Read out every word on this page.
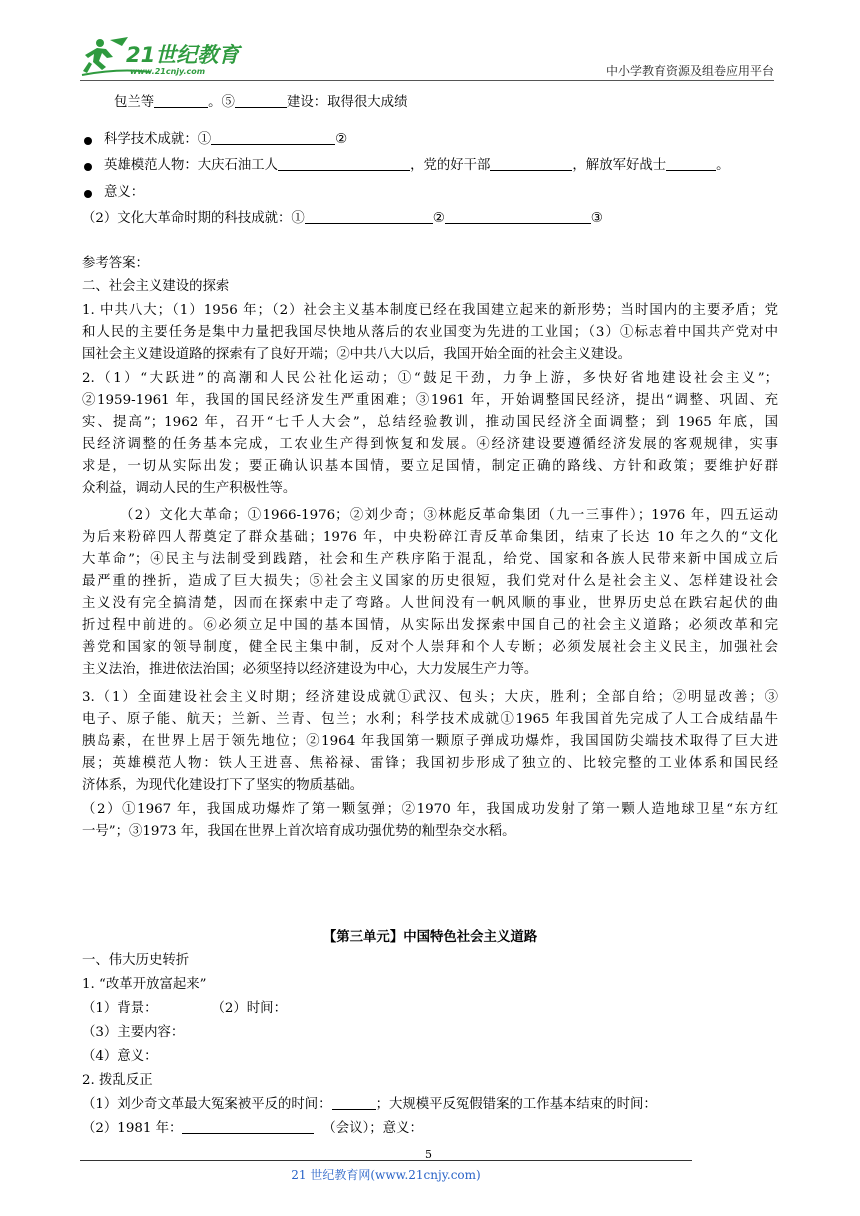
21世纪教育
www.21cnjy.com	中小学教育资源及组卷应用平台
包兰等	。⑤	建设：取得很大成绩
科学技术成就：①	②
英雄模范人物：大庆石油工人	，党的好干部	，解放军好战士	。
意义：
（2）文化大革命时期的科技成就：①	②	③
参考答案：
二、社会主义建设的探索
1. 中共八大；（1）1956 年；（2）社会主义基本制度已经在我国建立起来的新形势；当时国内的主要矛盾；党
和人民的主要任务是集中力量把我国尽快地从落后的农业国变为先进的工业国；（3）①标志着中国共产党对中
国社会主义建设道路的探索有了良好开端；②中共八大以后，我国开始全面的社会主义建设。
2.（1）“大跃进”的高潮和人民公社化运动；①“鼓足干劲，力争上游，多快好省地建设社会主义”；
②1959-1961 年，我国的国民经济发生严重困难；③1961 年，开始调整国民经济，提出“调整、巩固、充
实、提高”；1962 年，召开“七千人大会”，总结经验教训，推动国民经济全面调整；到 1965 年底，国
民经济调整的任务基本完成，工农业生产得到恢复和发展。④经济建设要遵循经济发展的客观规律，实事
求是，一切从实际出发；要正确认识基本国情，要立足国情，制定正确的路线、方针和政策；要维护好群
众利益，调动人民的生产积极性等。
（2）文化大革命；①1966-1976；②刘少奇；③林彪反革命集团（九一三事件）；1976 年，四五运动
为后来粉碎四人帮奠定了群众基础；1976 年，中央粉碎江青反革命集团，结束了长达 10 年之久的“文化
大革命”；④民主与法制受到践踏，社会和生产秩序陷于混乱，给党、国家和各族人民带来新中国成立后
最严重的挫折，造成了巨大损失；⑤社会主义国家的历史很短，我们党对什么是社会主义、怎样建设社会
主义没有完全搞清楚，因而在探索中走了弯路。人世间没有一帆风顺的事业，世界历史总在跌宕起伏的曲
折过程中前进的。⑥必须立足中国的基本国情，从实际出发探索中国自己的社会主义道路；必须改革和完
善党和国家的领导制度，健全民主集中制，反对个人崇拜和个人专断；必须发展社会主义民主，加强社会
主义法治，推进依法治国；必须坚持以经济建设为中心，大力发展生产力等。
3.（1）全面建设社会主义时期；经济建设成就①武汉、包头；大庆，胜利；全部自给；②明显改善；③
电子、原子能、航天；兰新、兰青、包兰；水利；科学技术成就①1965 年我国首先完成了人工合成结晶牛
胰岛素，在世界上居于领先地位；②1964 年我国第一颗原子弹成功爆炸，我国国防尖端技术取得了巨大进
展；英雄模范人物：铁人王进喜、焦裕禄、雷锋；我国初步形成了独立的、比较完整的工业体系和国民经
济体系，为现代化建设打下了坚实的物质基础。
（2）①1967 年，我国成功爆炸了第一颗氢弹；②1970 年，我国成功发射了第一颗人造地球卫星“东方红
一号”；③1973 年，我国在世界上首次培育成功强优势的籼型杂交水稻。
【第三单元】中国特色社会主义道路
一、伟大历史转折
1. “改革开放富起来”
（1）背景：	（2）时间：
（3）主要内容：
（4）意义：
2. 拨乱反正
（1）刘少奇文革最大冤案被平反的时间：	；大规模平反冤假错案的工作基本结束的时间：
（2）1981 年：	（会议）；意义：
5
21 世纪教育网(www.21cnjy.com)
